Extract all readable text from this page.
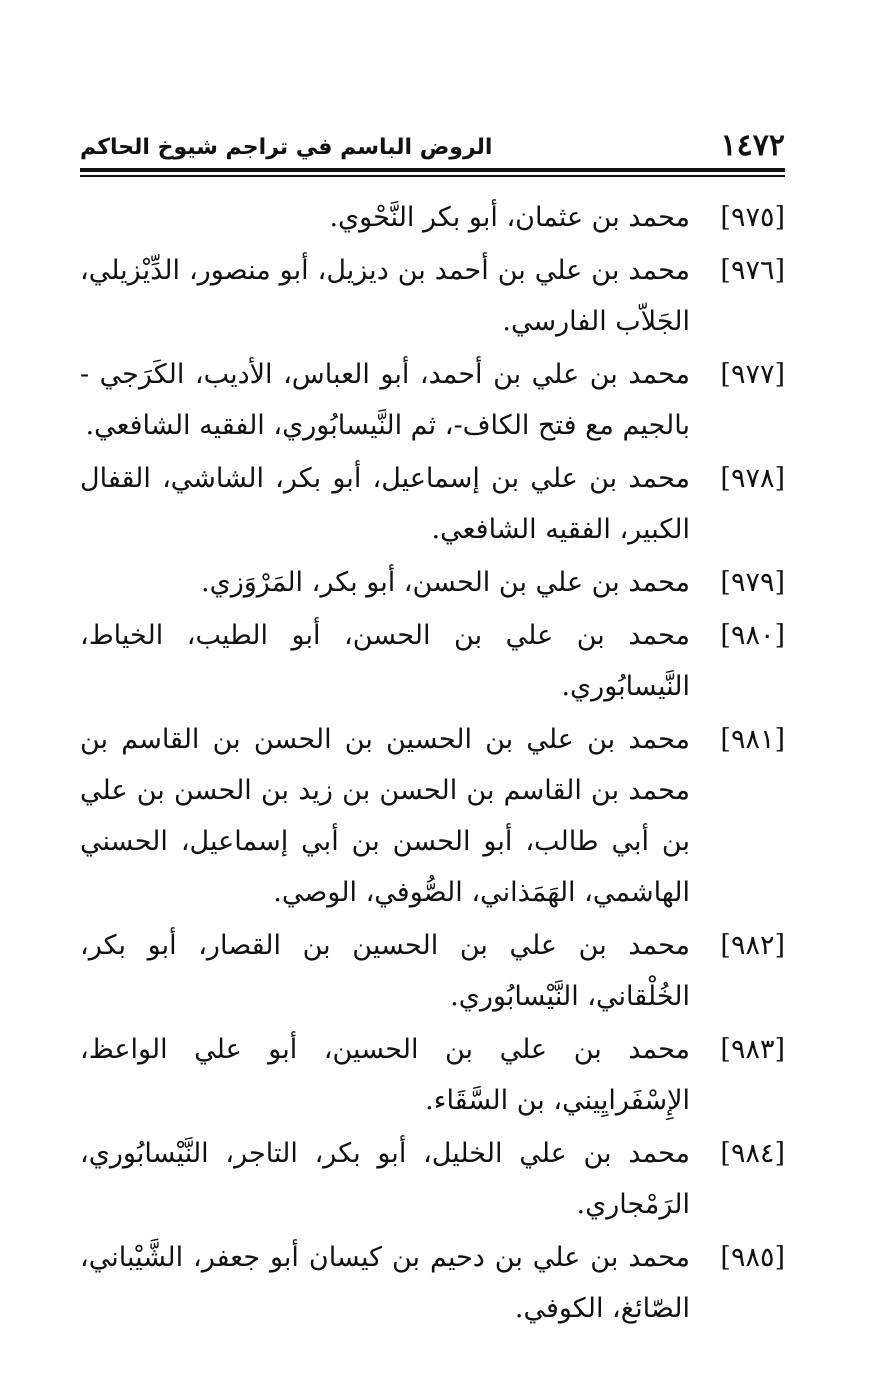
١٤٧٢
الروض الباسم في تراجم شيوخ الحاكم
[٩٧٥]
محمد بن عثمان، أبو بكر النَّحْوي.
[٩٧٦]
محمد بن علي بن أحمد بن ديزيل، أبو منصور، الدِّيْزيلي، الجَلاّب الفارسي.
[٩٧٧]
محمد بن علي بن أحمد، أبو العباس، الأديب، الكَرَجي - بالجيم مع فتح الكاف-، ثم النَّيسابُوري، الفقيه الشافعي.
[٩٧٨]
محمد بن علي بن إسماعيل، أبو بكر، الشاشي، القفال الكبير، الفقيه الشافعي.
[٩٧٩]
محمد بن علي بن الحسن، أبو بكر، المَرْوَزي.
[٩٨٠]
محمد بن علي بن الحسن، أبو الطيب، الخياط، النَّيسابُوري.
[٩٨١]
محمد بن علي بن الحسين بن الحسن بن القاسم بن محمد بن القاسم بن الحسن بن زيد بن الحسن بن علي بن أبي طالب، أبو الحسن بن أبي إسماعيل، الحسني الهاشمي، الهَمَذاني، الصُّوفي، الوصي.
[٩٨٢]
محمد بن علي بن الحسين بن القصار، أبو بكر، الخُلْقاني، النَّيْسابُوري.
[٩٨٣]
محمد بن علي بن الحسين، أبو علي الواعظ، الإِسْفَرايِيني، بن السَّقَاء.
[٩٨٤]
محمد بن علي الخليل، أبو بكر، التاجر، النَّيْسابُوري، الرَمْجاري.
[٩٨٥]
محمد بن علي بن دحيم بن كيسان أبو جعفر، الشَّيْباني، الصّائغ، الكوفي.
